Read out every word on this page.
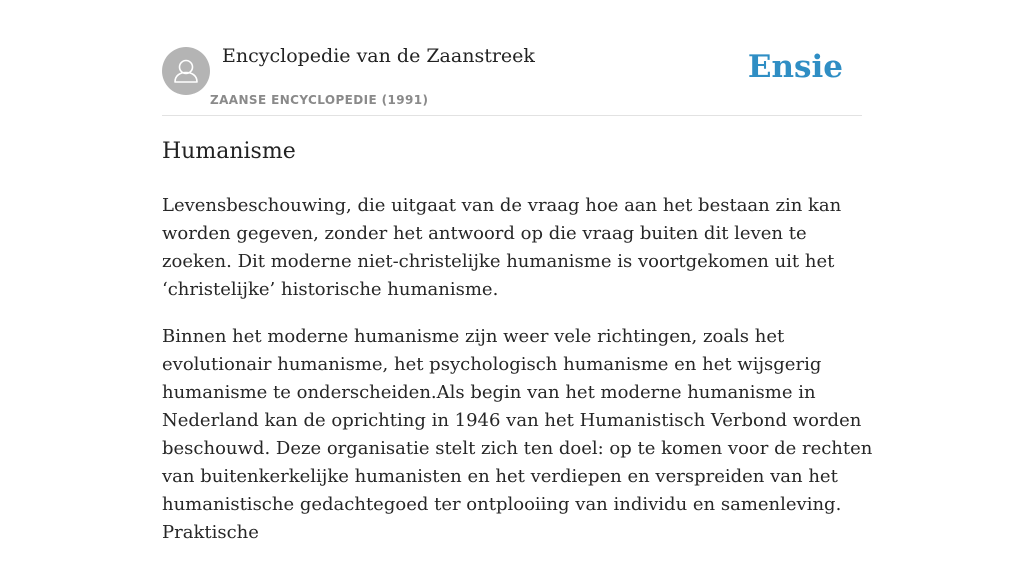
Encyclopedie van de Zaanstreek
ZAANSE ENCYCLOPEDIE (1991)
Ensie
Humanisme

Levensbeschouwing, die uitgaat van de vraag hoe aan het bestaan zin kan worden gegeven, zonder het antwoord op die vraag buiten dit leven te zoeken. Dit moderne niet-christelijke humanisme is voortgekomen uit het ‘christelijke’ historische humanisme.

Binnen het moderne humanisme zijn weer vele richtingen, zoals het evolutionair humanisme, het psychologisch humanisme en het wijsgerig humanisme te onderscheiden.Als begin van het moderne humanisme in Nederland kan de oprichting in 1946 van het Humanistisch Verbond worden beschouwd. Deze organisatie stelt zich ten doel: op te komen voor de rechten van buitenkerkelijke humanisten en het verdiepen en verspreiden van het humanistische gedachtegoed ter ontplooiing van individu en samenleving. Praktische
